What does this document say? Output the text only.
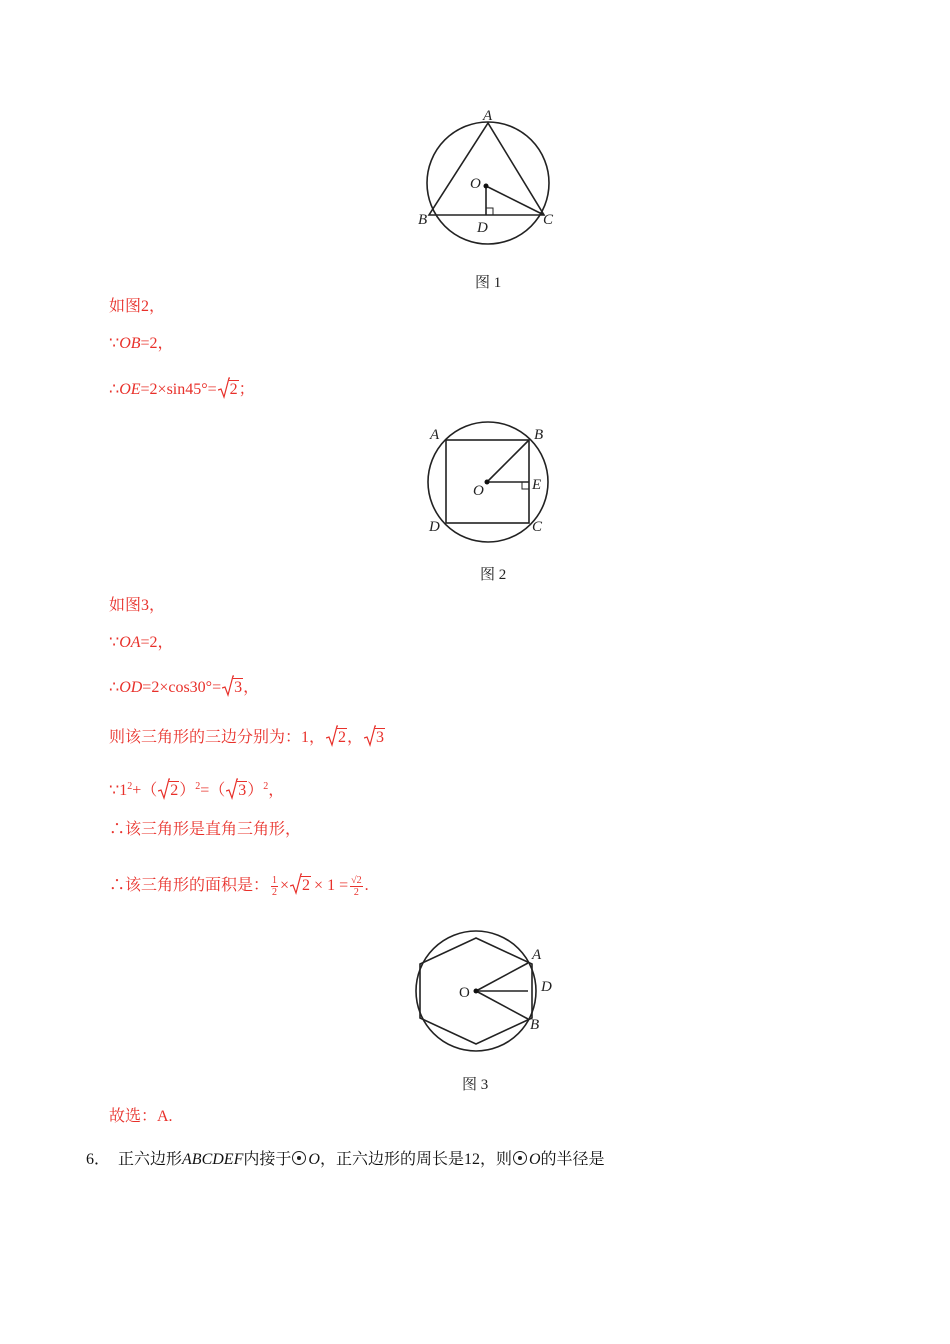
A
O
B	C
D
图 1
如图2，
∵OB=2，
∴OE=2×sin45°= 2；
A	B
O	E
D	C
图 2
如图3，
∵OA=2，
∴OD=2×cos30°= 3，
则该三角形的三边分别为：1， 2， 3
$\because 1^2+$（ 2）$^2$=（ 3）$^2$，
∴该三角形是直角三角形，
∴该三角形的面积是： $\frac{1}{2} \times 2 \times 1 = \frac{√2}{2}$ .
O
A
D
B
图 3
故选：A.
6． 正六边形ABCDEF内接于 O，正六边形的周长是12，则 O的半径是
